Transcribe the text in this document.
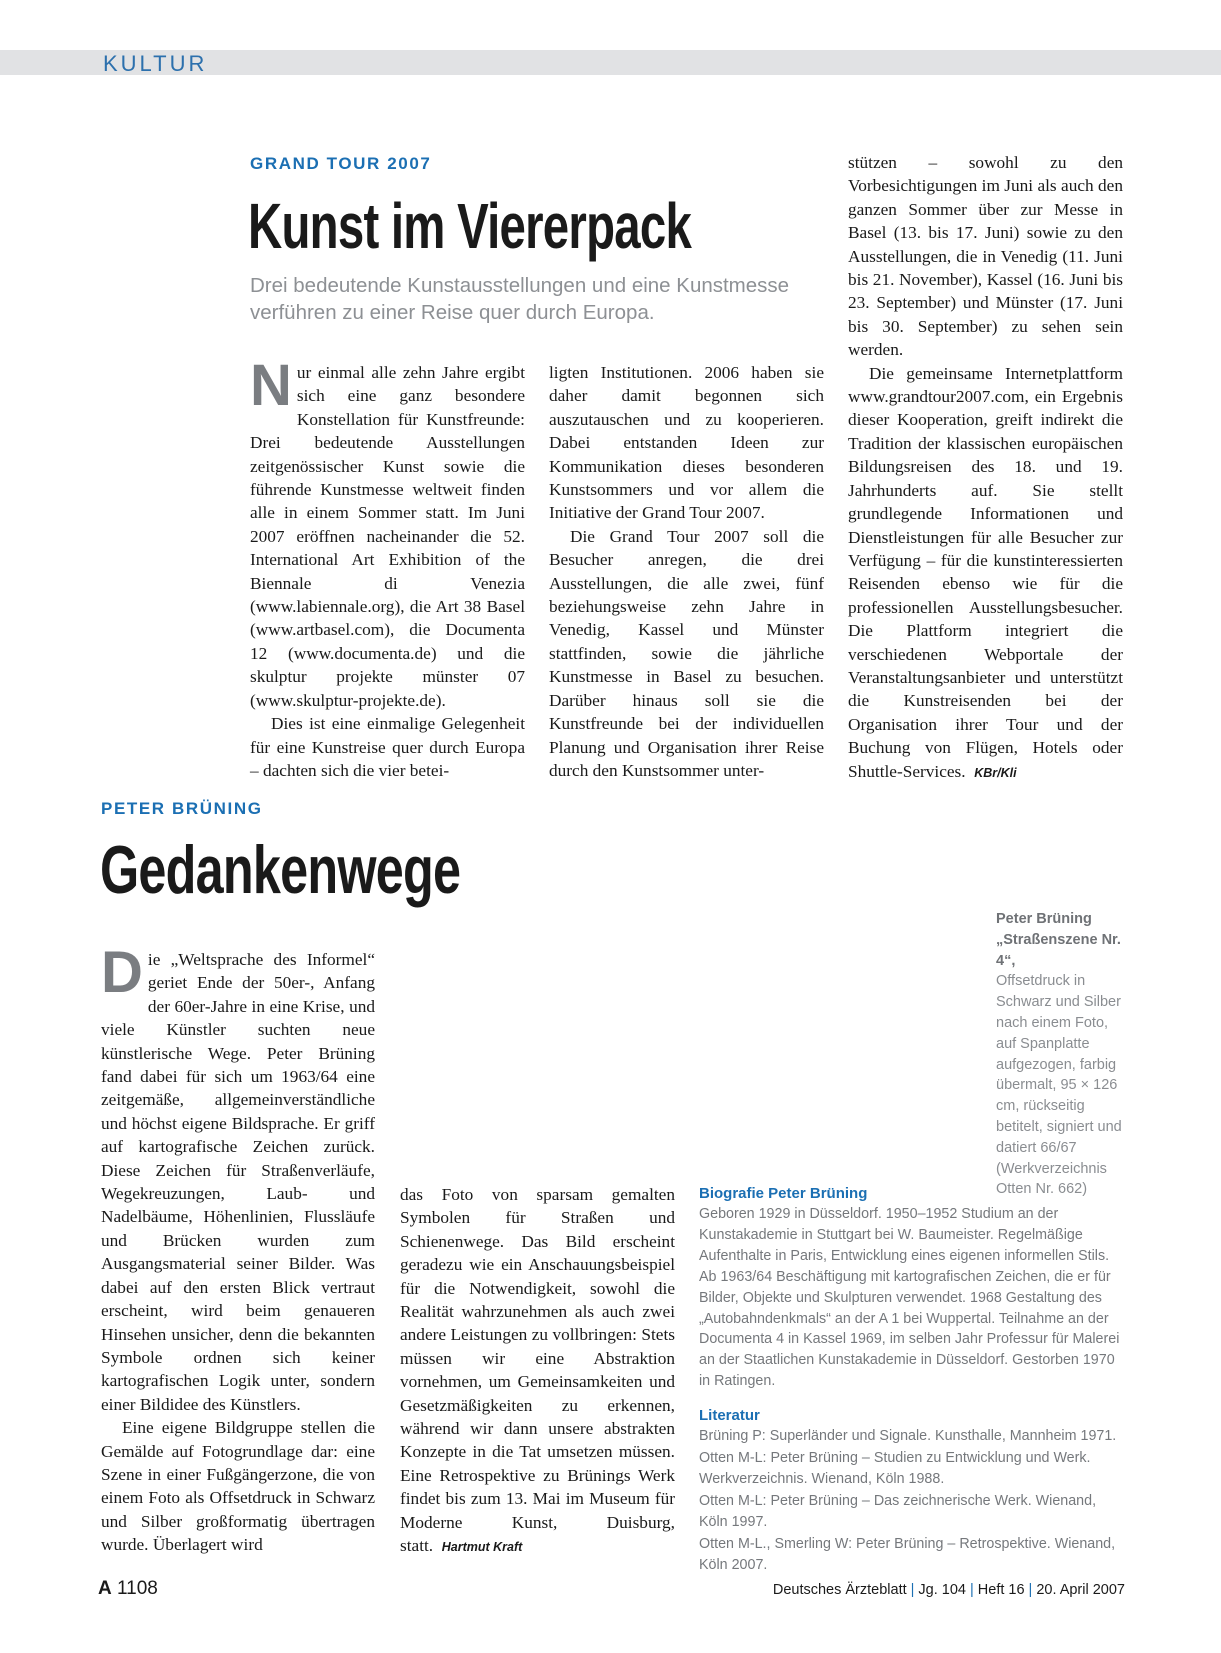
KULTUR
GRAND TOUR 2007
Kunst im Viererpack
Drei bedeutende Kunstausstellungen und eine Kunstmesse verführen zu einer Reise quer durch Europa.

Nur einmal alle zehn Jahre ergibt sich eine ganz besondere Konstellation für Kunstfreunde: Drei bedeutende Ausstellungen zeitgenössischer Kunst sowie die führende Kunstmesse weltweit finden alle in einem Sommer statt. Im Juni 2007 eröffnen nacheinander die 52. International Art Exhibition of the Biennale di Venezia (www.labiennale.org), die Art 38 Basel (www.artbasel.com), die Documenta 12 (www.documenta.de) und die skulptur projekte münster 07 (www.skulptur-projekte.de).

Dies ist eine einmalige Gelegenheit für eine Kunstreise quer durch Europa – dachten sich die vier betei-

ligten Institutionen. 2006 haben sie daher damit begonnen sich auszutauschen und zu kooperieren. Dabei entstanden Ideen zur Kommunikation dieses besonderen Kunstsommers und vor allem die Initiative der Grand Tour 2007.

Die Grand Tour 2007 soll die Besucher anregen, die drei Ausstellungen, die alle zwei, fünf beziehungsweise zehn Jahre in Venedig, Kassel und Münster stattfinden, sowie die jährliche Kunstmesse in Basel zu besuchen. Darüber hinaus soll sie die Kunstfreunde bei der individuellen Planung und Organisation ihrer Reise durch den Kunstsommer unter-

stützen – sowohl zu den Vorbesichtigungen im Juni als auch den ganzen Sommer über zur Messe in Basel (13. bis 17. Juni) sowie zu den Ausstellungen, die in Venedig (11. Juni bis 21. November), Kassel (16. Juni bis 23. September) und Münster (17. Juni bis 30. September) zu sehen sein werden.

Die gemeinsame Internetplattform www.grandtour2007.com, ein Ergebnis dieser Kooperation, greift indirekt die Tradition der klassischen europäischen Bildungsreisen des 18. und 19. Jahrhunderts auf. Sie stellt grundlegende Informationen und Dienstleistungen für alle Besucher zur Verfügung – für die kunstinteressierten Reisenden ebenso wie für die professionellen Ausstellungsbesucher. Die Plattform integriert die verschiedenen Webportale der Veranstaltungsanbieter und unterstützt die Kunstreisenden bei der Organisation ihrer Tour und der Buchung von Flügen, Hotels oder Shuttle-Services. KBr/Kli

PETER BRÜNING
Gedankenwege
Peter Brüning
„Straßenszene Nr. 4“,
Offsetdruck in Schwarz und Silber nach einem Foto, auf Spanplatte aufgezogen, farbig übermalt, 95 × 126 cm, rückseitig betitelt, signiert und datiert 66/67 (Werkverzeichnis Otten Nr. 662)

Die „Weltsprache des Informel“ geriet Ende der 50er-, Anfang der 60er-Jahre in eine Krise, und viele Künstler suchten neue künstlerische Wege. Peter Brüning fand dabei für sich um 1963/64 eine zeitgemäße, allgemeinverständliche und höchst eigene Bildsprache. Er griff auf kartografische Zeichen zurück. Diese Zeichen für Straßenverläufe, Wegekreuzungen, Laub- und Nadelbäume, Höhenlinien, Flussläufe und Brücken wurden zum Ausgangsmaterial seiner Bilder. Was dabei auf den ersten Blick vertraut erscheint, wird beim genaueren Hinsehen unsicher, denn die bekannten Symbole ordnen sich keiner kartografischen Logik unter, sondern einer Bildidee des Künstlers.

Eine eigene Bildgruppe stellen die Gemälde auf Fotogrundlage dar: eine Szene in einer Fußgängerzone, die von einem Foto als Offsetdruck in Schwarz und Silber großformatig übertragen wurde. Überlagert wird

das Foto von sparsam gemalten Symbolen für Straßen und Schienenwege. Das Bild erscheint geradezu wie ein Anschauungsbeispiel für die Notwendigkeit, sowohl die Realität wahrzunehmen als auch zwei andere Leistungen zu vollbringen: Stets müssen wir eine Abstraktion vornehmen, um Gemeinsamkeiten und Gesetzmäßigkeiten zu erkennen, während wir dann unsere abstrakten Konzepte in die Tat umsetzen müssen. Eine Retrospektive zu Brünings Werk findet bis zum 13. Mai im Museum für Moderne Kunst, Duisburg, statt. Hartmut Kraft

Biografie Peter Brüning
Geboren 1929 in Düsseldorf. 1950–1952 Studium an der Kunstakademie in Stuttgart bei W. Baumeister. Regelmäßige Aufenthalte in Paris, Entwicklung eines eigenen informellen Stils. Ab 1963/64 Beschäftigung mit kartografischen Zeichen, die er für Bilder, Objekte und Skulpturen verwendet. 1968 Gestaltung des „Autobahndenkmals“ an der A 1 bei Wuppertal. Teilnahme an der Documenta 4 in Kassel 1969, im selben Jahr Professur für Malerei an der Staatlichen Kunstakademie in Düsseldorf. Gestorben 1970 in Ratingen.
Literatur
Brüning P: Superländer und Signale. Kunsthalle, Mannheim 1971.
Otten M-L: Peter Brüning – Studien zu Entwicklung und Werk. Werkverzeichnis. Wienand, Köln 1988.
Otten M-L: Peter Brüning – Das zeichnerische Werk. Wienand, Köln 1997.
Otten M-L., Smerling W: Peter Brüning – Retrospektive. Wienand, Köln 2007.
A 1108	Deutsches Ärzteblatt | Jg. 104 | Heft 16 | 20. April 2007
